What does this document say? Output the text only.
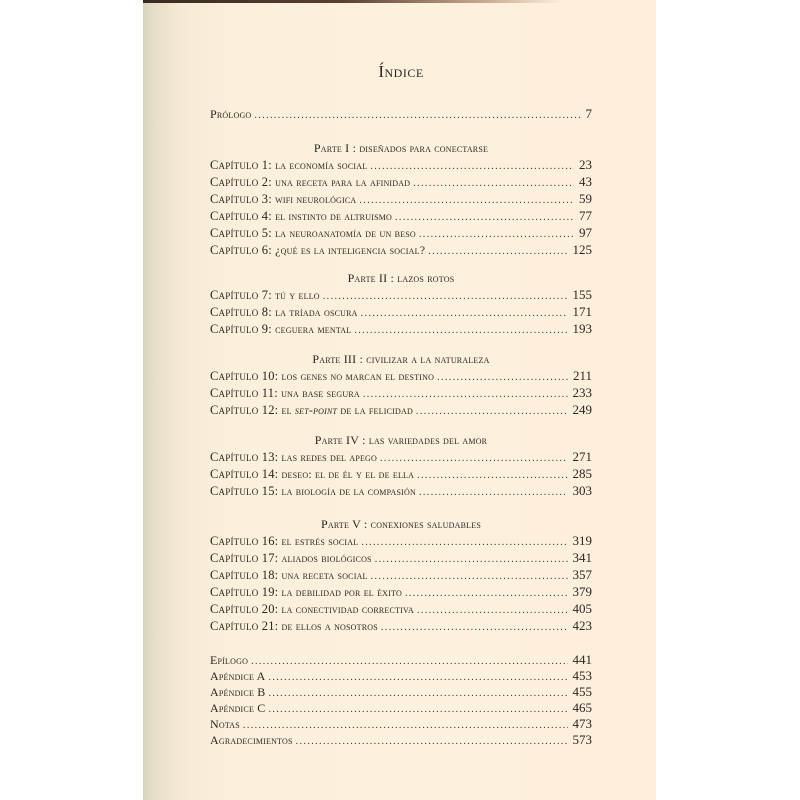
Índice
Prólogo .....	7
Parte I : diseñados para conectarse
Capítulo 1: la economía social .....	23
Capítulo 2: una receta para la afinidad .....	43
Capítulo 3: wifi neurológica .....	59
Capítulo 4: el instinto de altruismo .....	77
Capítulo 5: la neuroanatomía de un beso .....	97
Capítulo 6: ¿qué es la inteligencia social? .....	125
Parte II : lazos rotos
Capítulo 7: tú y ello .....	155
Capítulo 8: la tríada oscura .....	171
Capítulo 9: ceguera mental .....	193
Parte III : civilizar a la naturaleza
Capítulo 10: los genes no marcan el destino .....	211
Capítulo 11: una base segura .....	233
Capítulo 12: el set-point de la felicidad .....	249
Parte IV : las variedades del amor
Capítulo 13: las redes del apego .....	271
Capítulo 14: deseo: el de él y el de ella .....	285
Capítulo 15: la biología de la compasión .....	303
Parte V : conexiones saludables
Capítulo 16: el estrés social .....	319
Capítulo 17: aliados biológicos .....	341
Capítulo 18: una receta social .....	357
Capítulo 19: la debilidad por el éxito .....	379
Capítulo 20: la conectividad correctiva .....	405
Capítulo 21: de ellos a nosotros .....	423
Epílogo .....	441
Apéndice A .....	453
Apéndice B .....	455
Apéndice C .....	465
Notas .....	473
Agradecimientos .....	573
